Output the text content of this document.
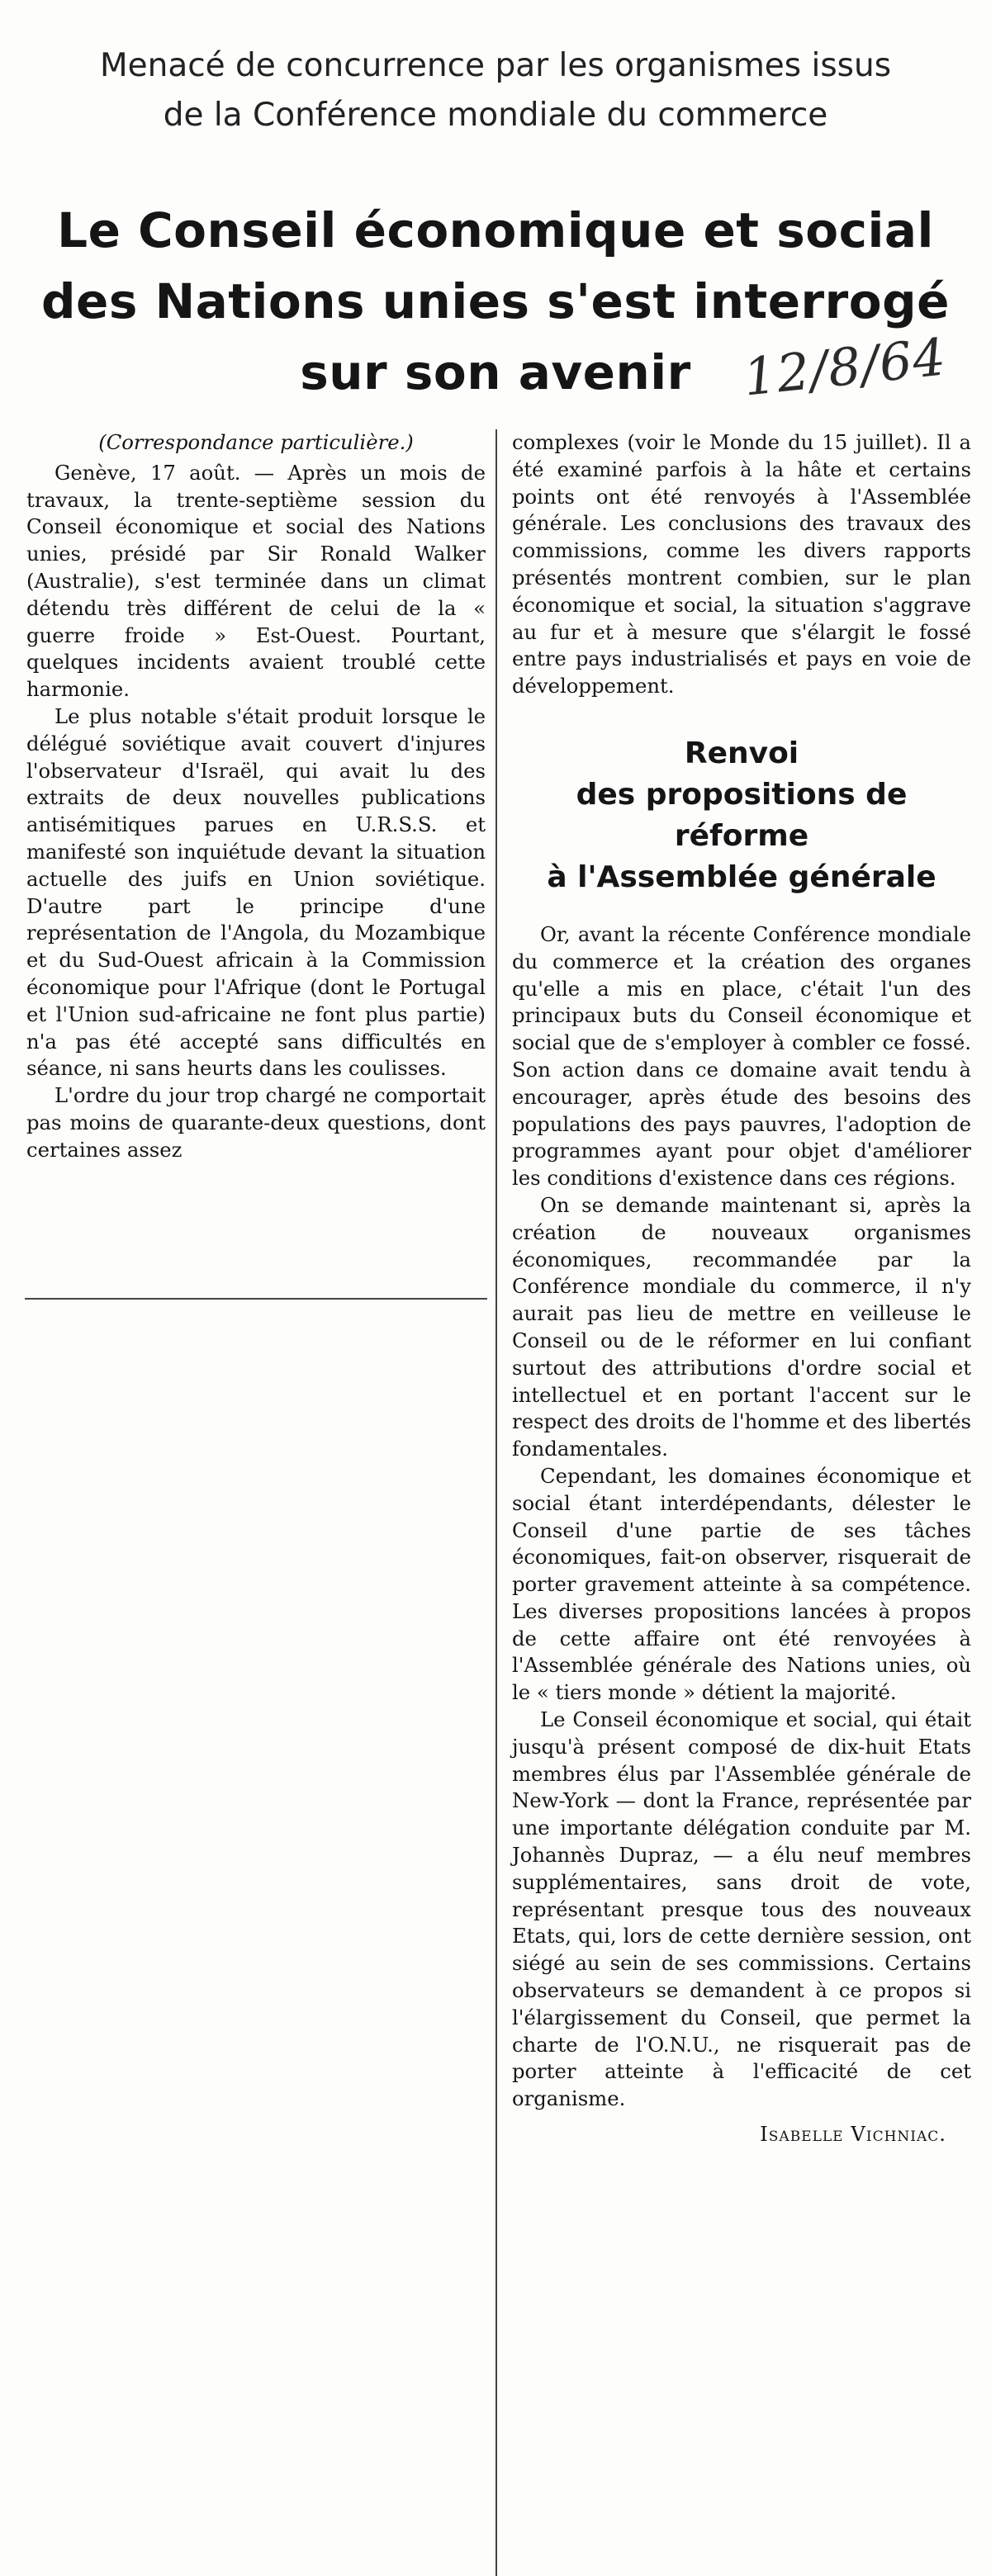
Menacé de concurrence par les organismes issus
de la Conférence mondiale du commerce
Le Conseil économique et social
des Nations unies s'est interrogé
sur son avenir 12/8/64
(Correspondance particulière.)

Genève, 17 août. — Après un mois de travaux, la trente-septième session du Conseil économique et social des Nations unies, présidé par Sir Ronald Walker (Australie), s'est terminée dans un climat détendu très différent de celui de la « guerre froide » Est-Ouest. Pourtant, quelques incidents avaient troublé cette harmonie.

Le plus notable s'était produit lorsque le délégué soviétique avait couvert d'injures l'observateur d'Israël, qui avait lu des extraits de deux nouvelles publications antisémitiques parues en U.R.S.S. et manifesté son inquiétude devant la situation actuelle des juifs en Union soviétique. D'autre part le principe d'une représentation de l'Angola, du Mozambique et du Sud-Ouest africain à la Commission économique pour l'Afrique (dont le Portugal et l'Union sud-africaine ne font plus partie) n'a pas été accepté sans difficultés en séance, ni sans heurts dans les coulisses.

L'ordre du jour trop chargé ne comportait pas moins de quarante-deux questions, dont certaines assez

complexes (voir le Monde du 15 juillet). Il a été examiné parfois à la hâte et certains points ont été renvoyés à l'Assemblée générale. Les conclusions des travaux des commissions, comme les divers rapports présentés montrent combien, sur le plan économique et social, la situation s'aggrave au fur et à mesure que s'élargit le fossé entre pays industrialisés et pays en voie de développement.

Renvoi
des propositions de réforme
à l'Assemblée générale

Or, avant la récente Conférence mondiale du commerce et la création des organes qu'elle a mis en place, c'était l'un des principaux buts du Conseil économique et social que de s'employer à combler ce fossé. Son action dans ce domaine avait tendu à encourager, après étude des besoins des populations des pays pauvres, l'adoption de programmes ayant pour objet d'améliorer les conditions d'existence dans ces régions.

On se demande maintenant si, après la création de nouveaux organismes économiques, recommandée par la Conférence mondiale du commerce, il n'y aurait pas lieu de mettre en veilleuse le Conseil ou de le réformer en lui confiant surtout des attributions d'ordre social et intellectuel et en portant l'accent sur le respect des droits de l'homme et des libertés fondamentales.

Cependant, les domaines économique et social étant interdépendants, délester le Conseil d'une partie de ses tâches économiques, fait-on observer, risquerait de porter gravement atteinte à sa compétence. Les diverses propositions lancées à propos de cette affaire ont été renvoyées à l'Assemblée générale des Nations unies, où le « tiers monde » détient la majorité.

Le Conseil économique et social, qui était jusqu'à présent composé de dix-huit Etats membres élus par l'Assemblée générale de New-York — dont la France, représentée par une importante délégation conduite par M. Johannès Dupraz, — a élu neuf membres supplémentaires, sans droit de vote, représentant presque tous des nouveaux Etats, qui, lors de cette dernière session, ont siégé au sein de ses commissions. Certains observateurs se demandent à ce propos si l'élargissement du Conseil, que permet la charte de l'O.N.U., ne risquerait pas de porter atteinte à l'efficacité de cet organisme.

Isabelle Vichniac.
